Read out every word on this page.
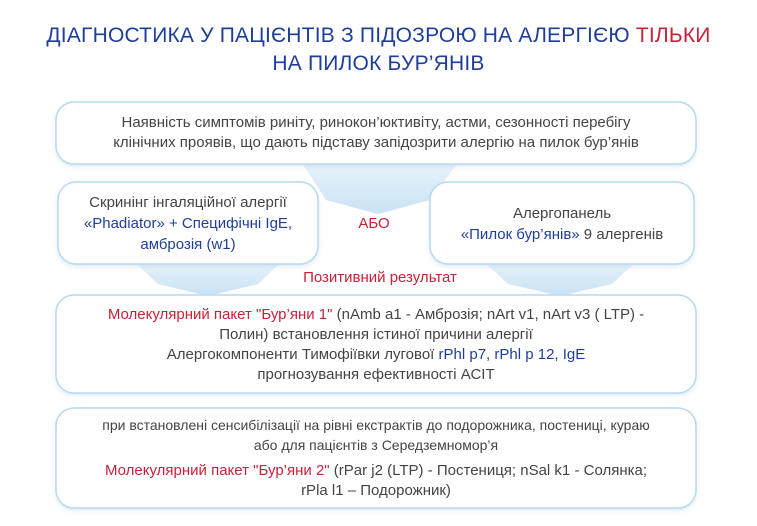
ДІАГНОСТИКА У ПАЦІЄНТІВ З ПІДОЗРОЮ НА АЛЕРГІЄЮ ТІЛЬКИ
НА ПИЛОК БУР’ЯНІВ
Наявність симптомів риніту, ринокон’юктивіту, астми, сезонності перебігу
клінічних проявів, що дають підставу запідозрити алергію на пилок бур’янів
Скринінг інгаляційної алергії
«Phadiator» + Специфічні IgE,
амброзія (w1)
АБО
Алергопанель
«Пилок бур’янів» 9 алергенів
Позитивний результат
Молекулярний пакет "Бур’яни 1" (nAmb a1 - Амброзія; nArt v1, nArt v3 ( LTP) -
Полин) встановлення істиної причини алергії
Алергокомпоненти Тимофіївки лугової rPhl p7, rPhl p 12, IgE
прогнозування ефективності АСІТ
при встановлені сенсибілізації на рівні екстрактів до подорожника, постениці, кураю
або для пацієнтів з Середземномор’я
Молекулярний пакет "Бур’яни 2" (rPar j2 (LTP) - Постениця; nSal k1 - Солянка;
rPla l1 – Подорожник)
